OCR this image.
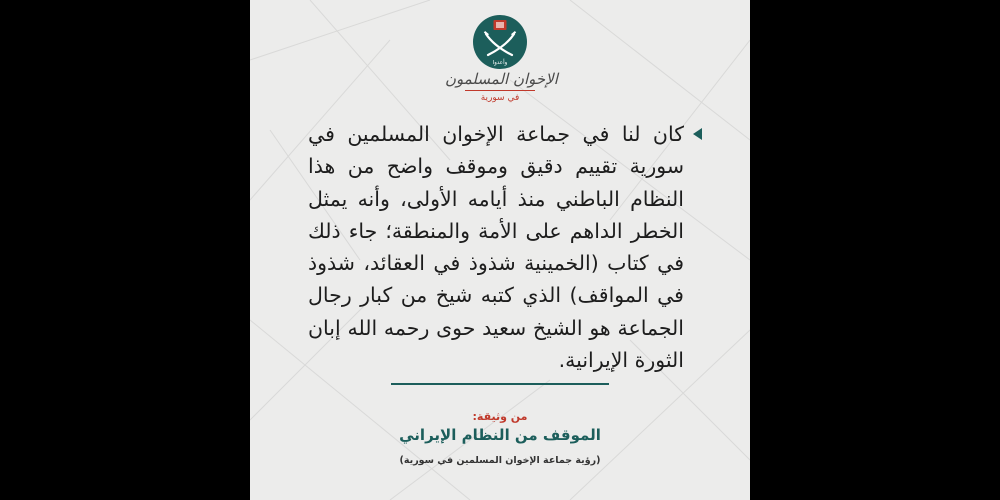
وأعدوا
الإخوان المسلمون
في سورية
كان لنا في جماعة الإخوان المسلمين في سورية تقييم دقيق وموقف واضح من هذا النظام الباطني منذ أيامه الأولى، وأنه يمثل الخطر الداهم على الأمة والمنطقة؛ جاء ذلك في كتاب (الخمينية شذوذ في العقائد، شذوذ في المواقف) الذي كتبه شيخ من كبار رجال الجماعة هو الشيخ سعيد حوى رحمه الله إبان الثورة الإيرانية.
من وثيقة:
الموقف من النظام الإيراني
(رؤية جماعة الإخوان المسلمين في سورية)
